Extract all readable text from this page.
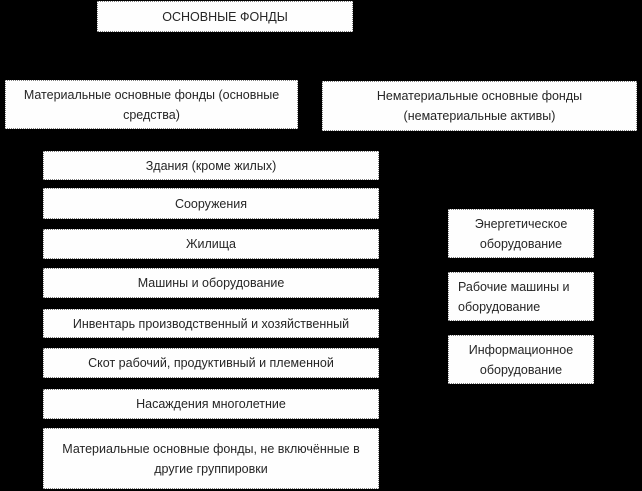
ОСНОВНЫЕ ФОНДЫ
Материальные основные фонды (основные средства)
Нематериальные основные фонды (нематериальные активы)
Здания (кроме жилых)
Сооружения
Жилища
Машины и оборудование
Инвентарь производственный и хозяйственный
Скот рабочий, продуктивный и племенной
Насаждения многолетние
Материальные основные фонды, не включённые в другие группировки
Энергетическое оборудование
Рабочие машины и оборудование
Информационное оборудование
